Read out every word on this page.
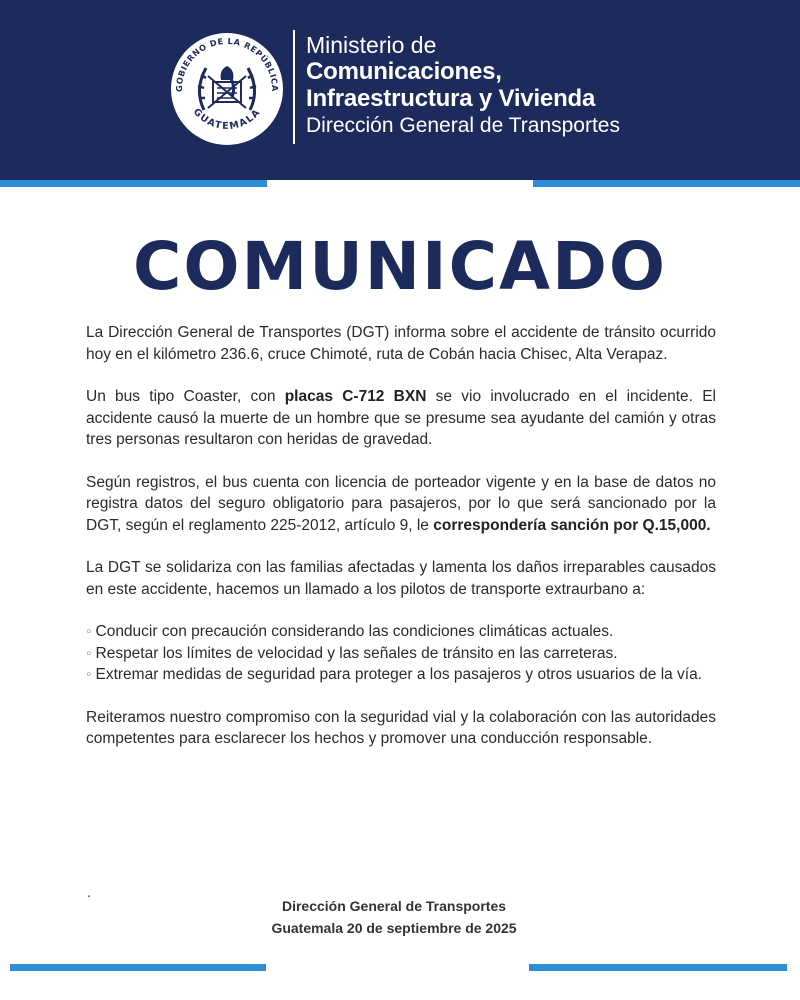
GOBIERNO DE LA REPÚBLICA
GUATEMALA
Ministerio de
Comunicaciones,
Infraestructura y Vivienda
Dirección General de Transportes
COMUNICADO

La Dirección General de Transportes (DGT) informa sobre el accidente de tránsito ocurrido hoy en el kilómetro 236.6, cruce Chimoté, ruta de Cobán hacia Chisec, Alta Verapaz.

Un bus tipo Coaster, con placas C-712 BXN se vio involucrado en el incidente. El accidente causó la muerte de un hombre que se presume sea ayudante del camión y otras tres personas resultaron con heridas de gravedad.

Según registros, el bus cuenta con licencia de porteador vigente y en la base de datos no registra datos del seguro obligatorio para pasajeros, por lo que será sancionado por la DGT, según el reglamento 225-2012, artículo 9, le correspondería sanción por Q.15,000.

La DGT se solidariza con las familias afectadas y lamenta los daños irreparables causados en este accidente, hacemos un llamado a los pilotos de transporte extraurbano a:

◦ Conducir con precaución considerando las condiciones climáticas actuales.
◦ Respetar los límites de velocidad y las señales de tránsito en las carreteras.
◦ Extremar medidas de seguridad para proteger a los pasajeros y otros usuarios de la vía.

Reiteramos nuestro compromiso con la seguridad vial y la colaboración con las autoridades competentes para esclarecer los hechos y promover una conducción responsable.

.
Dirección General de Transportes
Guatemala 20 de septiembre de 2025
